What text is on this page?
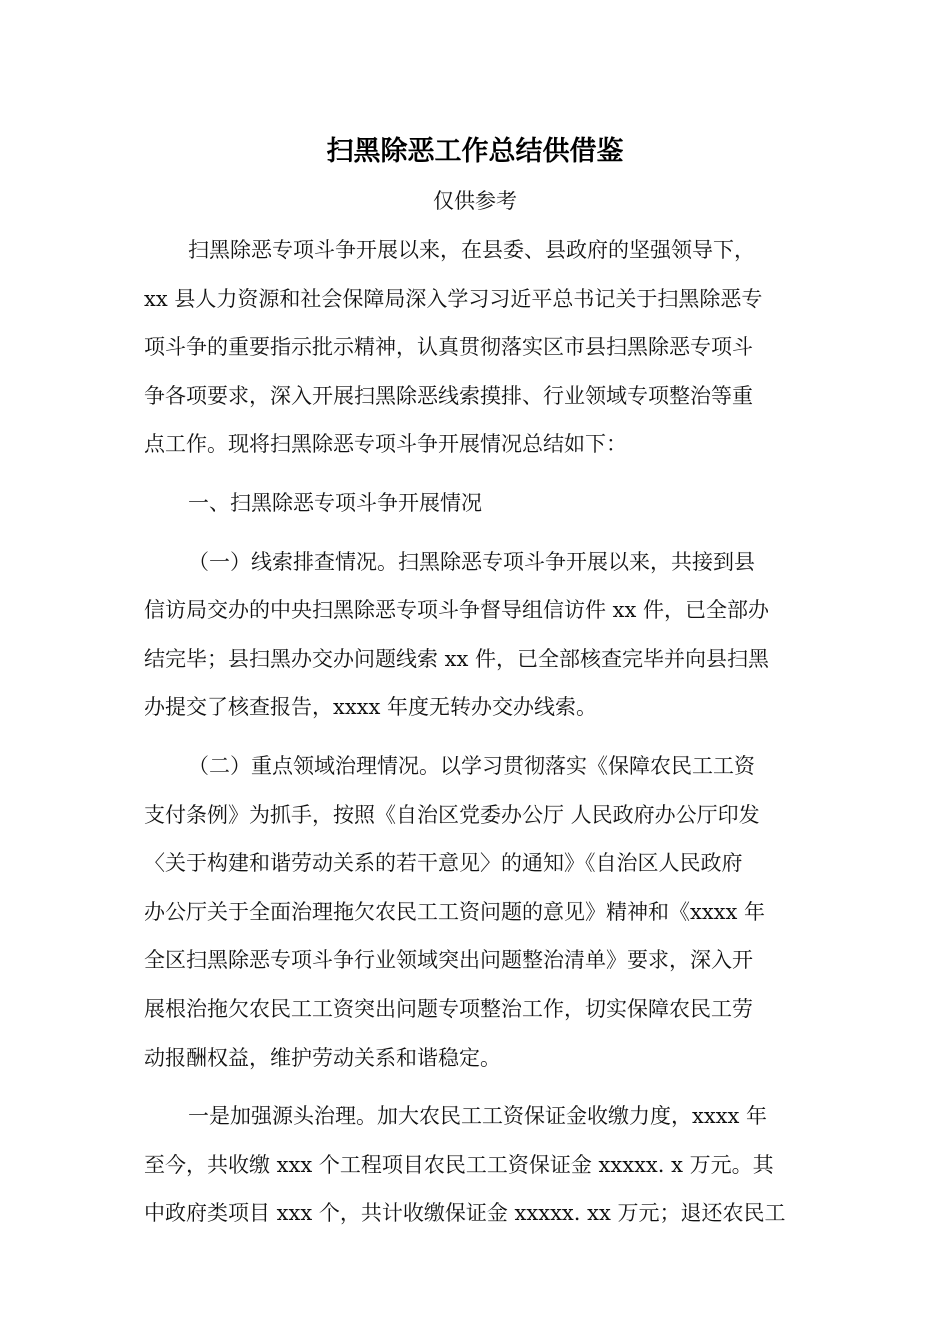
扫黑除恶工作总结供借鉴
仅供参考
扫黑除恶专项斗争开展以来，在县委、县政府的坚强领导下，
xx 县人力资源和社会保障局深入学习习近平总书记关于扫黑除恶专
项斗争的重要指示批示精神，认真贯彻落实区市县扫黑除恶专项斗
争各项要求，深入开展扫黑除恶线索摸排、行业领域专项整治等重
点工作。现将扫黑除恶专项斗争开展情况总结如下：
一、扫黑除恶专项斗争开展情况
（一）线索排查情况。扫黑除恶专项斗争开展以来，共接到县
信访局交办的中央扫黑除恶专项斗争督导组信访件 xx 件，已全部办
结完毕；县扫黑办交办问题线索 xx 件，已全部核查完毕并向县扫黑
办提交了核查报告，xxxx 年度无转办交办线索。
（二）重点领域治理情况。以学习贯彻落实《保障农民工工资
支付条例》为抓手，按照《自治区党委办公厅 人民政府办公厅印发
〈关于构建和谐劳动关系的若干意见〉的通知》《自治区人民政府
办公厅关于全面治理拖欠农民工工资问题的意见》精神和《xxxx 年
全区扫黑除恶专项斗争行业领域突出问题整治清单》要求，深入开
展根治拖欠农民工工资突出问题专项整治工作，切实保障农民工劳
动报酬权益，维护劳动关系和谐稳定。
一是加强源头治理。加大农民工工资保证金收缴力度，xxxx 年
至今，共收缴 xxx 个工程项目农民工工资保证金 xxxxx. x 万元。其
中政府类项目 xxx 个，共计收缴保证金 xxxxx. xx 万元；退还农民工
